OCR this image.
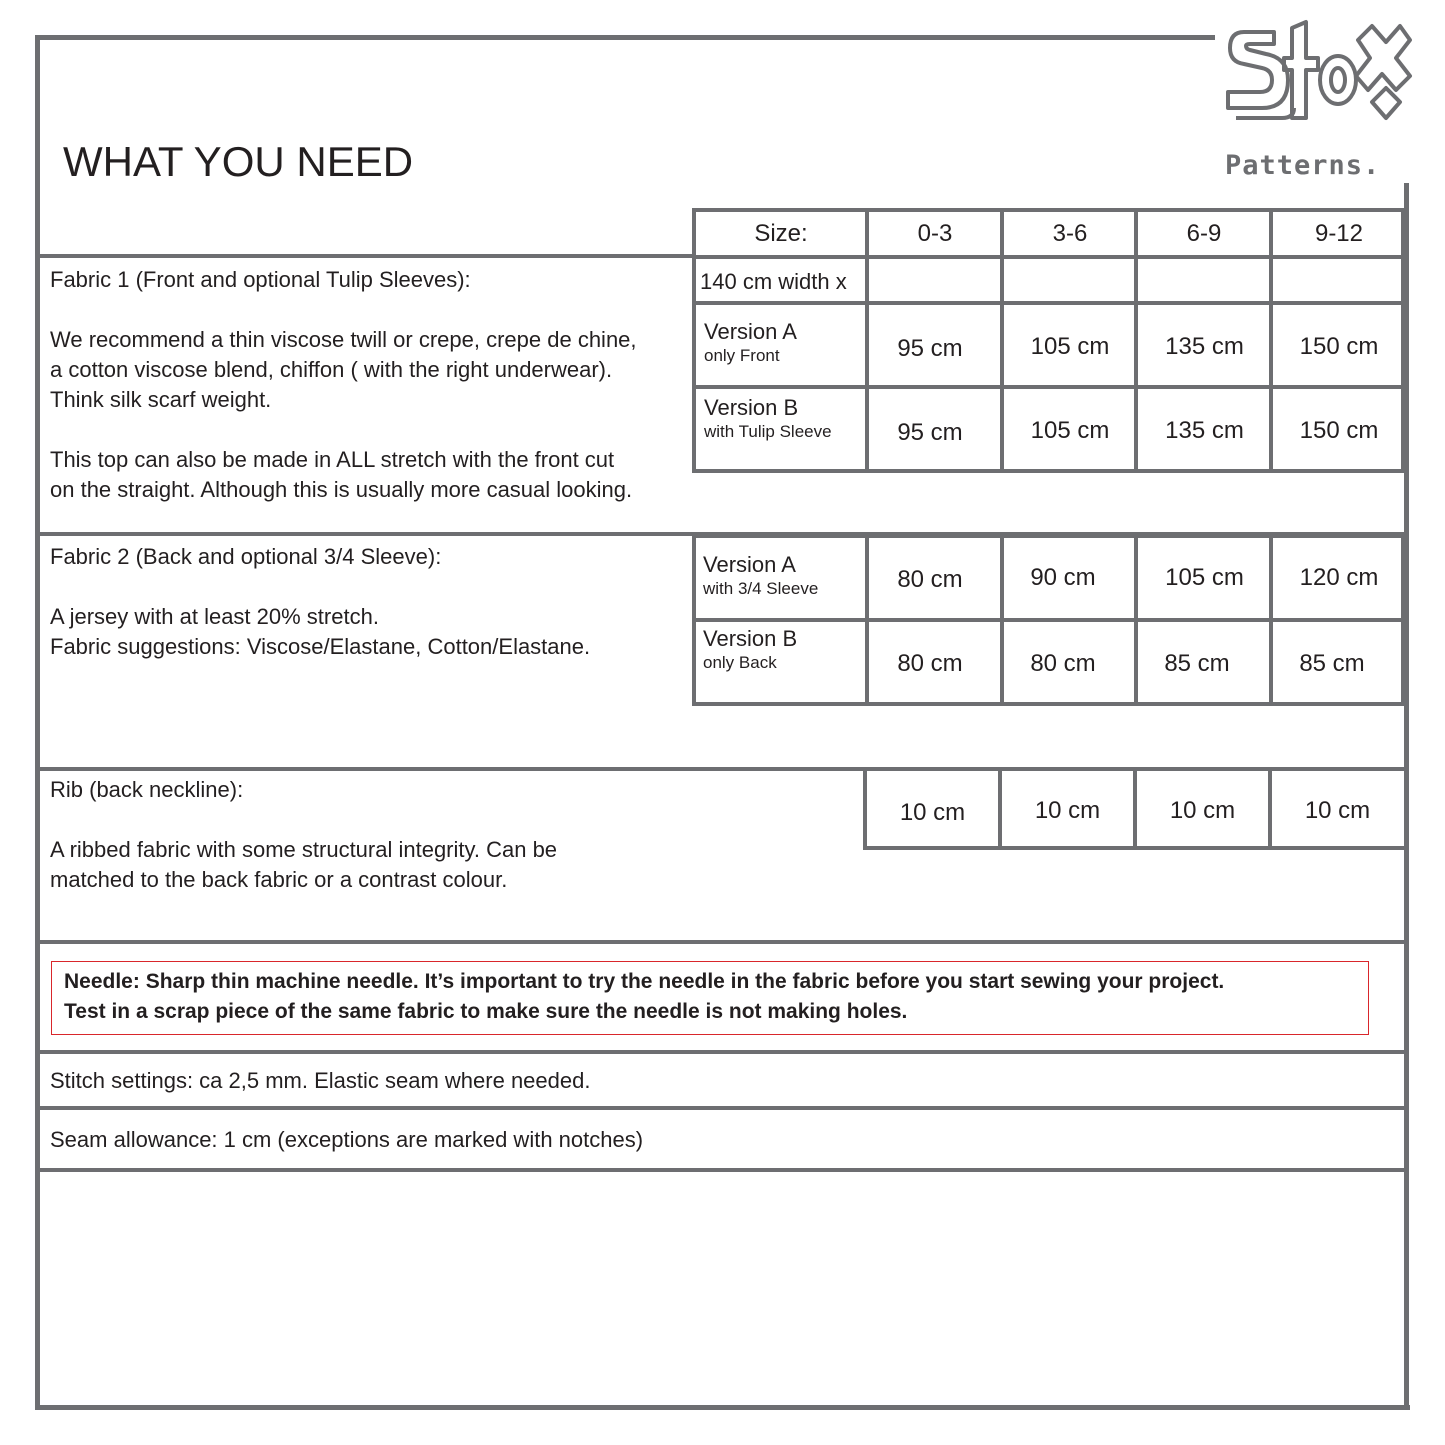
Patterns.
WHAT YOU NEED
Size:	0-3	3-6	6-9	9-12
Fabric 1 (Front and optional Tulip Sleeves):
We recommend a thin viscose twill or crepe, crepe de chine,
a cotton viscose blend, chiffon ( with the right underwear).
Think silk scarf weight.
This top can also be made in ALL stretch with the front cut
on the straight. Although this is usually more casual looking.
140 cm width x
Version A
only Front	95 cm	105 cm	135 cm	150 cm
Version B
with Tulip Sleeve	95 cm	105 cm	135 cm	150 cm
Fabric 2 (Back and optional 3/4 Sleeve):
A jersey with at least 20% stretch.
Fabric suggestions: Viscose/Elastane, Cotton/Elastane.
Version A
with 3/4 Sleeve	80 cm	90 cm	105 cm	120 cm
Version B
only Back	80 cm	80 cm	85 cm	85 cm
Rib (back neckline):
A ribbed fabric with some structural integrity. Can be
matched to the back fabric or a contrast colour.
10 cm	10 cm	10 cm	10 cm
Needle: Sharp thin machine needle. It’s important to try the needle in the fabric before you start sewing your project.
Test in a scrap piece of the same fabric to make sure the needle is not making holes.
Stitch settings: ca 2,5 mm. Elastic seam where needed.
Seam allowance: 1 cm (exceptions are marked with notches)
